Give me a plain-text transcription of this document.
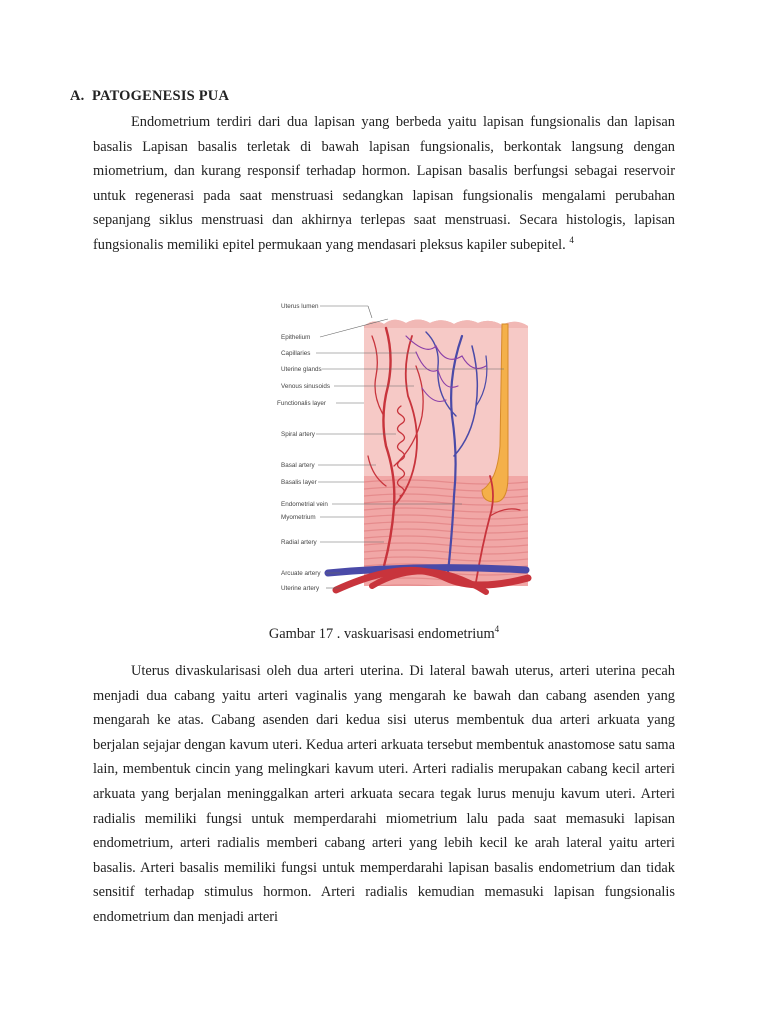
A. PATOGENESIS PUA

Endometrium terdiri dari dua lapisan yang berbeda yaitu lapisan fungsionalis dan lapisan basalis Lapisan basalis terletak di bawah lapisan fungsionalis, berkontak langsung dengan miometrium, dan kurang responsif terhadap hormon. Lapisan basalis berfungsi sebagai reservoir untuk regenerasi pada saat menstruasi sedangkan lapisan fungsionalis mengalami perubahan sepanjang siklus menstruasi dan akhirnya terlepas saat menstruasi. Secara histologis, lapisan fungsionalis memiliki epitel permukaan yang mendasari pleksus kapiler subepitel. $^4$

Uterus lumen
Epithelium
Capillaries
Uterine glands
Venous sinusoids
Functionalis layer
Spiral artery
Basal artery
Basalis layer
Endometrial vein
Myometrium
Radial artery
Arcuate artery
Uterine artery
Gambar 17 . vaskuarisasi endometrium$^4$

Uterus divaskularisasi oleh dua arteri uterina. Di lateral bawah uterus, arteri uterina pecah menjadi dua cabang yaitu arteri vaginalis yang mengarah ke bawah dan cabang asenden yang mengarah ke atas. Cabang asenden dari kedua sisi uterus membentuk dua arteri arkuata yang berjalan sejajar dengan kavum uteri. Kedua arteri arkuata tersebut membentuk anastomose satu sama lain, membentuk cincin yang melingkari kavum uteri. Arteri radialis merupakan cabang kecil arteri arkuata yang berjalan meninggalkan arteri arkuata secara tegak lurus menuju kavum uteri. Arteri radialis memiliki fungsi untuk memperdarahi miometrium lalu pada saat memasuki lapisan endometrium, arteri radialis memberi cabang arteri yang lebih kecil ke arah lateral yaitu arteri basalis. Arteri basalis memiliki fungsi untuk memperdarahi lapisan basalis endometrium dan tidak sensitif terhadap stimulus hormon. Arteri radialis kemudian memasuki lapisan fungsionalis endometrium dan menjadi arteri
